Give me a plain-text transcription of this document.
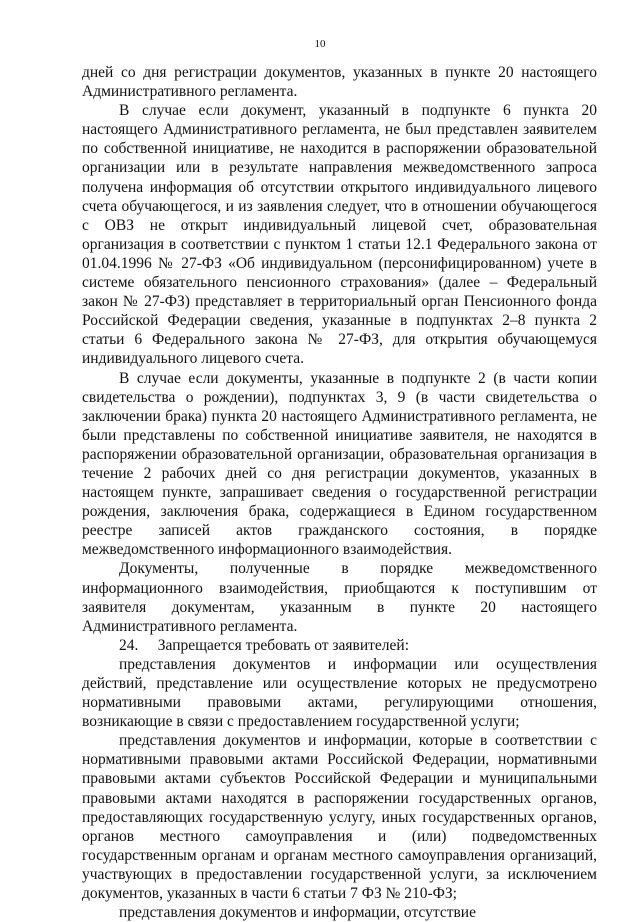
10

дней со дня регистрации документов, указанных в пункте 20 настоящего Административного регламента.

В случае если документ, указанный в подпункте 6 пункта 20 настоящего Административного регламента, не был представлен заявителем по собственной инициативе, не находится в распоряжении образовательной организации или в результате направления межведомственного запроса получена информация об отсутствии открытого индивидуального лицевого счета обучающегося, и из заявления следует, что в отношении обучающегося с ОВЗ не открыт индивидуальный лицевой счет, образовательная организация в соответствии с пунктом 1 статьи 12.1 Федерального закона от 01.04.1996 № 27-ФЗ «Об индивидуальном (персонифицированном) учете в системе обязательного пенсионного страхования» (далее – Федеральный закон № 27-ФЗ) представляет в территориальный орган Пенсионного фонда Российской Федерации сведения, указанные в подпунктах 2–8 пункта 2 статьи 6 Федерального закона № 27-ФЗ, для открытия обучающемуся индивидуального лицевого счета.

В случае если документы, указанные в подпункте 2 (в части копии свидетельства о рождении), подпунктах 3, 9 (в части свидетельства о заключении брака) пункта 20 настоящего Административного регламента, не были представлены по собственной инициативе заявителя, не находятся в распоряжении образовательной организации, образовательная организация в течение 2 рабочих дней со дня регистрации документов, указанных в настоящем пункте, запрашивает сведения о государственной регистрации рождения, заключения брака, содержащиеся в Едином государственном реестре записей актов гражданского состояния, в порядке межведомственного информационного взаимодействия.

Документы, полученные в порядке межведомственного информационного взаимодействия, приобщаются к поступившим от заявителя документам, указанным в пункте 20 настоящего Административного регламента.

24.     Запрещается требовать от заявителей:

представления документов и информации или осуществления действий, представление или осуществление которых не предусмотрено нормативными правовыми актами, регулирующими отношения, возникающие в связи с предоставлением государственной услуги;

представления документов и информации, которые в соответствии с нормативными правовыми актами Российской Федерации, нормативными правовыми актами субъектов Российской Федерации и муниципальными правовыми актами находятся в распоряжении государственных органов, предоставляющих государственную услугу, иных государственных органов, органов местного самоуправления и (или) подведомственных государственным органам и органам местного самоуправления организаций, участвующих в предоставлении государственной услуги, за исключением документов, указанных в части 6 статьи 7 ФЗ № 210-ФЗ;

представления документов и информации, отсутствие
